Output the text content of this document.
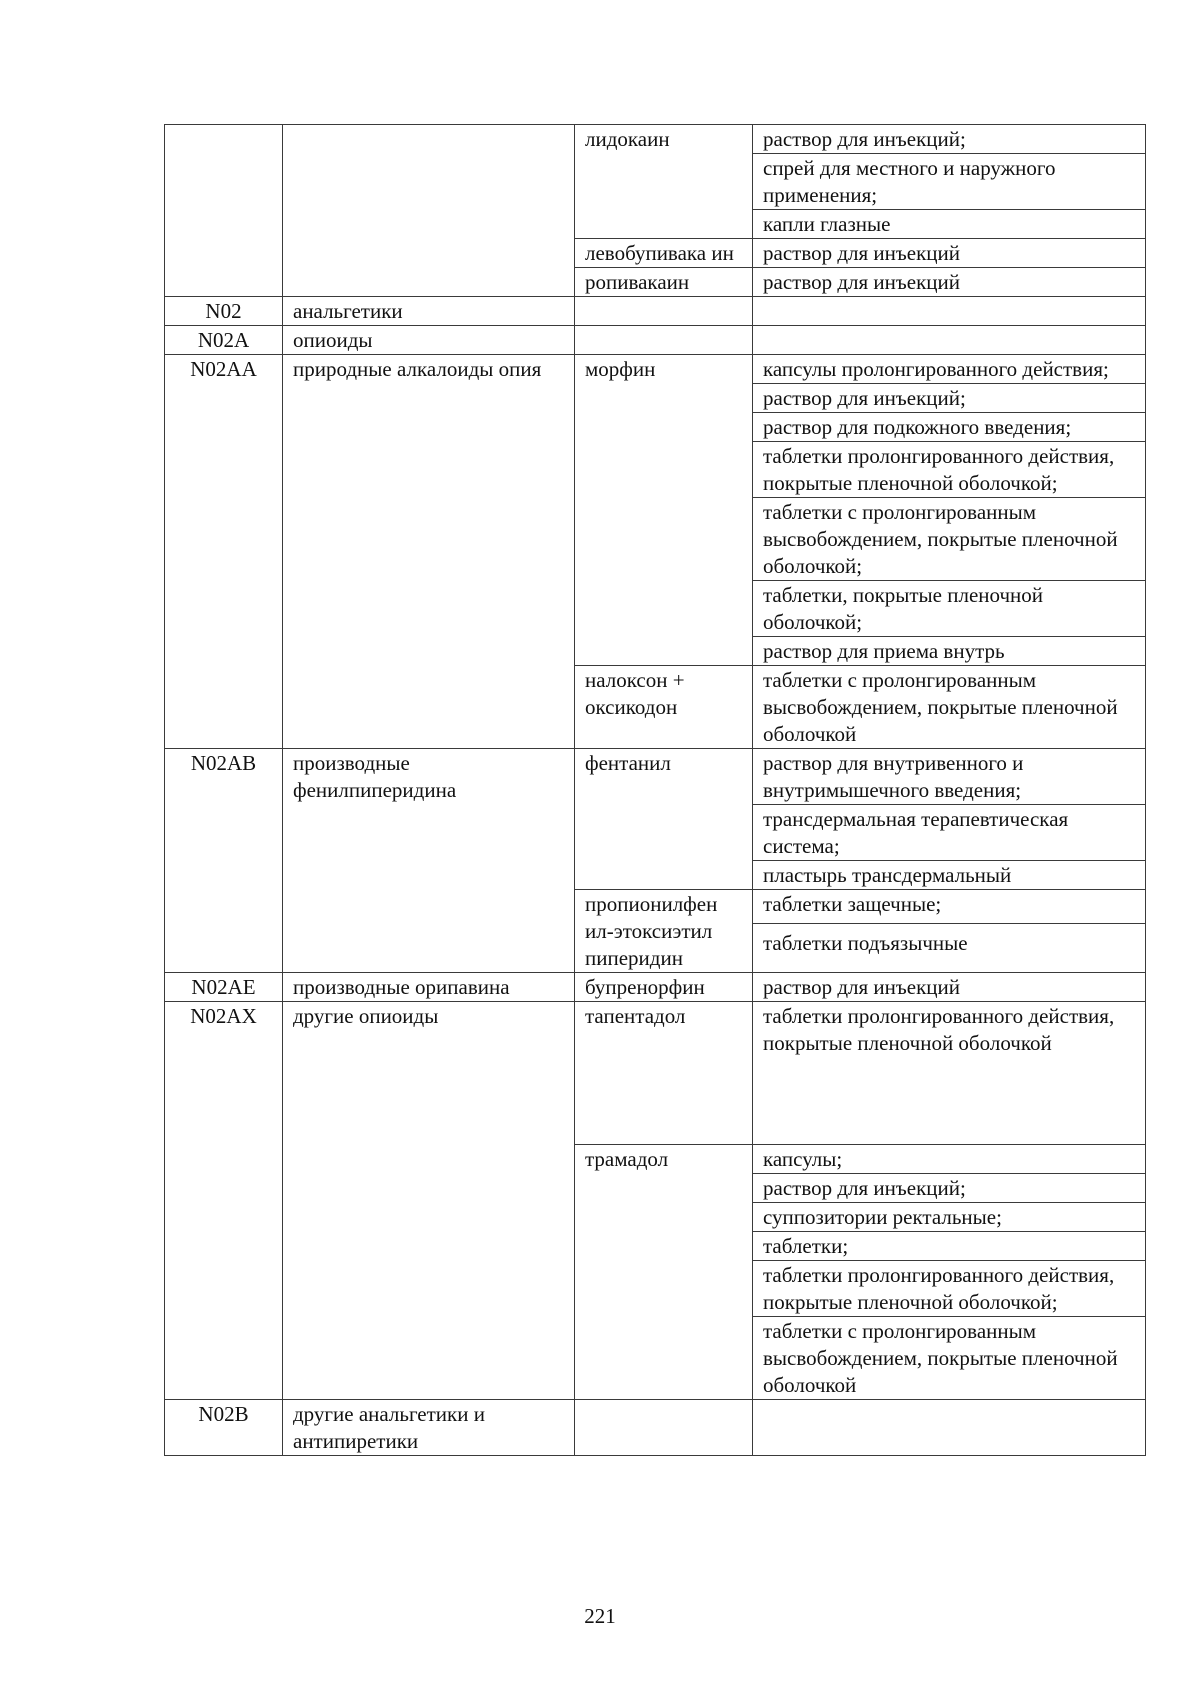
		лидокаин	раствор для инъекций;
			спрей для местного и наружного применения;
			капли глазные
		левобупивака ин	раствор для инъекций
		ропивакаин	раствор для инъекций
N02	анальгетики		
N02A	опиоиды		
N02AA	природные алкалоиды опия	морфин	капсулы пролонгированного действия;
			раствор для инъекций;
			раствор для подкожного введения;
			таблетки пролонгированного действия, покрытые пленочной оболочкой;
			таблетки с пролонгированным высвобождением, покрытые пленочной оболочкой;
			таблетки, покрытые пленочной оболочкой;
			раствор для приема внутрь
		налоксон + оксикодон	таблетки с пролонгированным высвобождением, покрытые пленочной оболочкой
N02AB	производные фенилпиперидина	фентанил	раствор для внутривенного и внутримышечного введения;
			трансдермальная терапевтическая система;
			пластырь трансдермальный
		пропионилфен ил-этоксиэтил пиперидин	таблетки защечные;
			таблетки подъязычные
N02AE	производные орипавина	бупренорфин	раствор для инъекций
N02AX	другие опиоиды	тапентадол	таблетки пролонгированного действия, покрытые пленочной оболочкой
		трамадол	капсулы;
			раствор для инъекций;
			суппозитории ректальные;
			таблетки;
			таблетки пролонгированного действия, покрытые пленочной оболочкой;
			таблетки с пролонгированным высвобождением, покрытые пленочной оболочкой
N02B	другие анальгетики и антипиретики		
221
